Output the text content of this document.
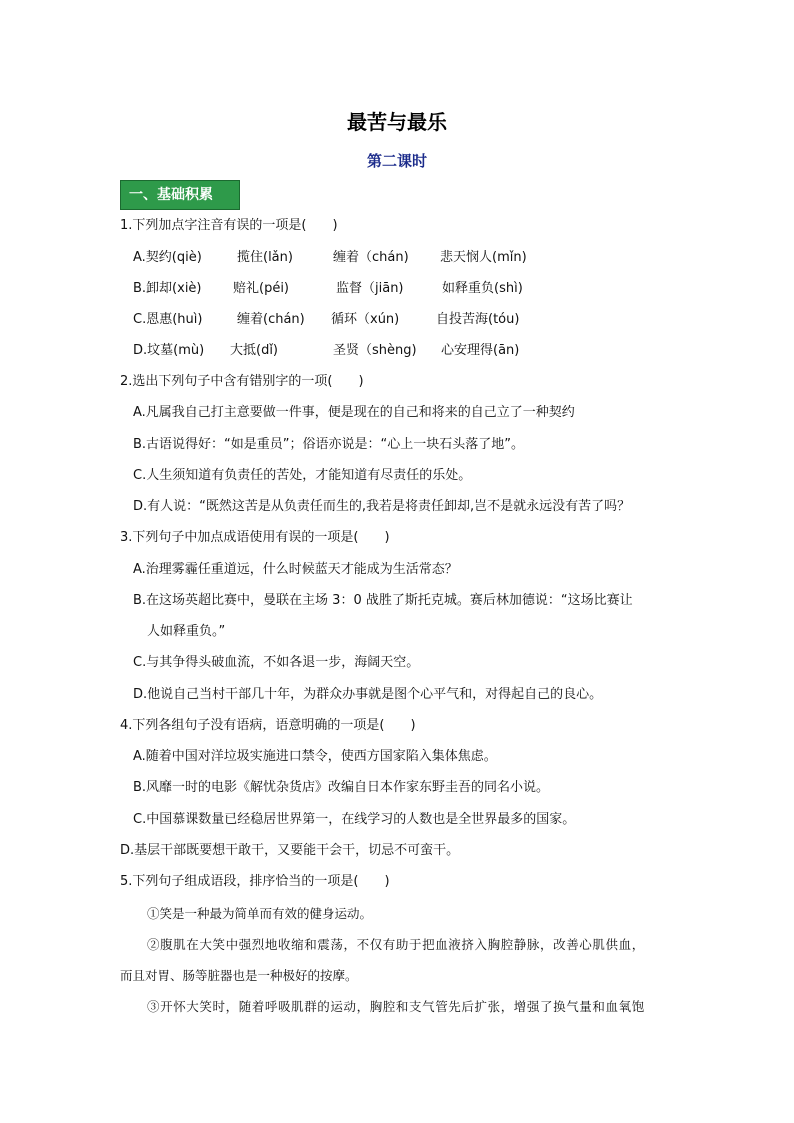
最苦与最乐
第二课时
一、基础积累
1.下列加点字注音有误的一项是(　　)
A.契约(qiè)	揽住(lǎn)	缠着（chán) 悲天悯人(mǐn)
B.卸却(xiè) 赔礼(péi)	监督（jiān)	如释重负(shì)
C.恩惠(huì)	缠着(chán) 循环（xún)	自投苦海(tóu)
D.坟墓(mù) 大抵(dǐ)	圣贤（shèng) 心安理得(ān)
2.选出下列句子中含有错别字的一项(　　)
A.凡属我自己打主意要做一件事，便是现在的自己和将来的自己立了一种契约
B.古语说得好：“如是重员”；俗语亦说是：“心上一块石头落了地”。
C.人生须知道有负责任的苦处，才能知道有尽责任的乐处。
D.有人说：“既然这苦是从负责任而生的,我若是将责任卸却,岂不是就永远没有苦了吗？
3.下列句子中加点成语使用有误的一项是(　　)
A.治理雾霾任重道远，什么时候蓝天才能成为生活常态？
B.在这场英超比赛中，曼联在主场 3：0 战胜了斯托克城。赛后林加德说：“这场比赛让
人如释重负。”
C.与其争得头破血流，不如各退一步，海阔天空。
D.他说自己当村干部几十年，为群众办事就是图个心平气和，对得起自己的良心。
4.下列各组句子没有语病，语意明确的一项是(　　)
A.随着中国对洋垃圾实施进口禁令，使西方国家陷入集体焦虑。
B.风靡一时的电影《解忧杂货店》改编自日本作家东野圭吾的同名小说。
C.中国慕课数量已经稳居世界第一，在线学习的人数也是全世界最多的国家。
D.基层干部既要想干敢干，又要能干会干，切忌不可蛮干。
5.下列句子组成语段，排序恰当的一项是(　　)
①笑是一种最为简单而有效的健身运动。
②腹肌在大笑中强烈地收缩和震荡，不仅有助于把血液挤入胸腔静脉，改善心肌供血，
而且对胃、肠等脏器也是一种极好的按摩。
③开怀大笑时，随着呼吸肌群的运动，胸腔和支气管先后扩张，增强了换气量和血氧饱
